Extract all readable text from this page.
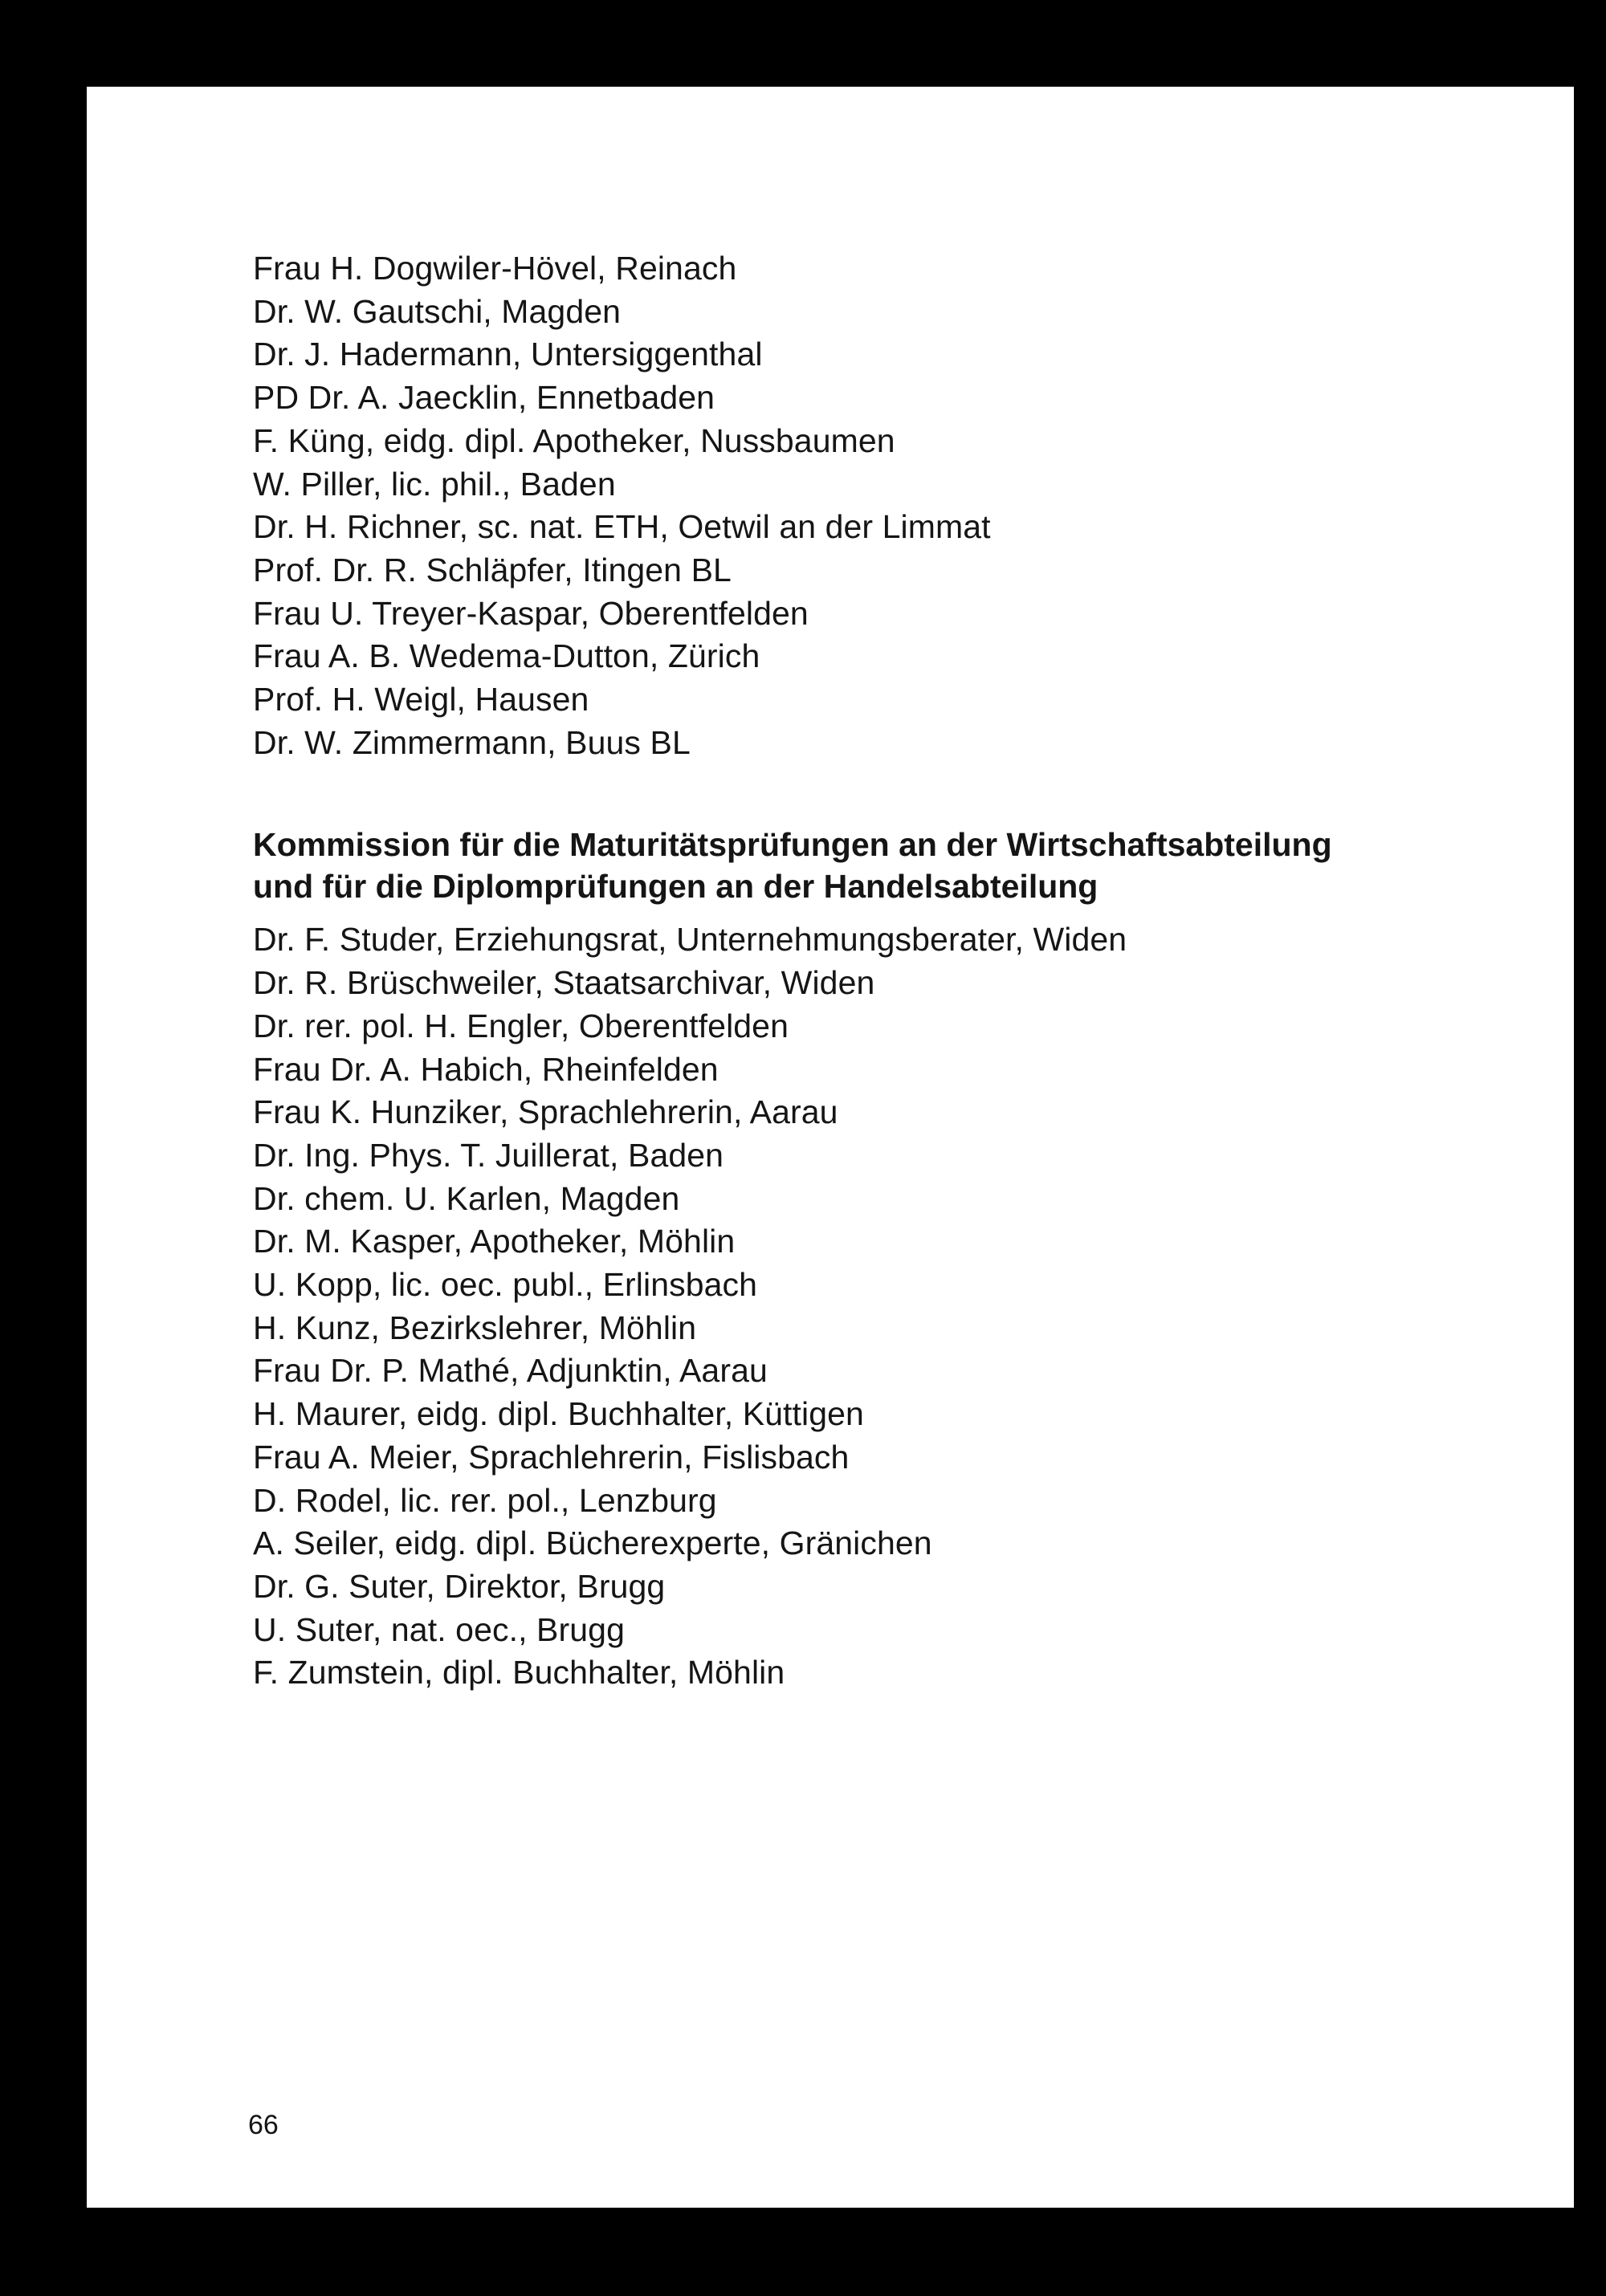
Frau H. Dogwiler-Hövel, Reinach
Dr. W. Gautschi, Magden
Dr. J. Hadermann, Untersiggenthal
PD Dr. A. Jaecklin, Ennetbaden
F. Küng, eidg. dipl. Apotheker, Nussbaumen
W. Piller, lic. phil., Baden
Dr. H. Richner, sc. nat. ETH, Oetwil an der Limmat
Prof. Dr. R. Schläpfer, Itingen BL
Frau U. Treyer-Kaspar, Oberentfelden
Frau A. B. Wedema-Dutton, Zürich
Prof. H. Weigl, Hausen
Dr. W. Zimmermann, Buus BL
Kommission für die Maturitätsprüfungen an der Wirtschaftsabteilung
und für die Diplomprüfungen an der Handelsabteilung
Dr. F. Studer, Erziehungsrat, Unternehmungsberater, Widen
Dr. R. Brüschweiler, Staatsarchivar, Widen
Dr. rer. pol. H. Engler, Oberentfelden
Frau Dr. A. Habich, Rheinfelden
Frau K. Hunziker, Sprachlehrerin, Aarau
Dr. Ing. Phys. T. Juillerat, Baden
Dr. chem. U. Karlen, Magden
Dr. M. Kasper, Apotheker, Möhlin
U. Kopp, lic. oec. publ., Erlinsbach
H. Kunz, Bezirkslehrer, Möhlin
Frau Dr. P. Mathé, Adjunktin, Aarau
H. Maurer, eidg. dipl. Buchhalter, Küttigen
Frau A. Meier, Sprachlehrerin, Fislisbach
D. Rodel, lic. rer. pol., Lenzburg
A. Seiler, eidg. dipl. Bücherexperte, Gränichen
Dr. G. Suter, Direktor, Brugg
U. Suter, nat. oec., Brugg
F. Zumstein, dipl. Buchhalter, Möhlin
66
